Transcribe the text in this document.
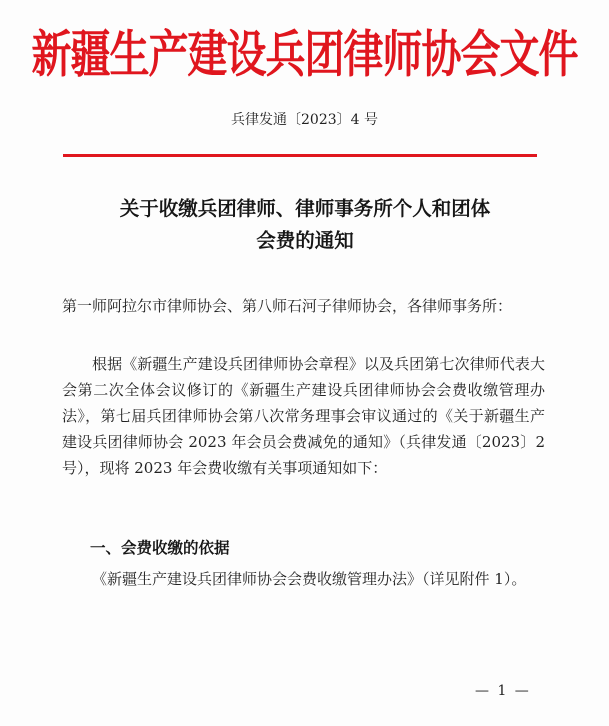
新疆生产建设兵团律师协会文件
兵律发通〔2023〕4 号
关于收缴兵团律师、律师事务所个人和团体
会费的通知
第一师阿拉尔市律师协会、第八师石河子律师协会，各律师事务所：
根据《新疆生产建设兵团律师协会章程》以及兵团第七次律师代表大会第二次全体会议修订的《新疆生产建设兵团律师协会会费收缴管理办法》，第七届兵团律师协会第八次常务理事会审议通过的《关于新疆生产建设兵团律师协会 2023 年会员会费减免的通知》（兵律发通〔2023〕2 号），现将 2023 年会费收缴有关事项通知如下：
一、会费收缴的依据
《新疆生产建设兵团律师协会会费收缴管理办法》（详见附件 1）。
— 1 —
